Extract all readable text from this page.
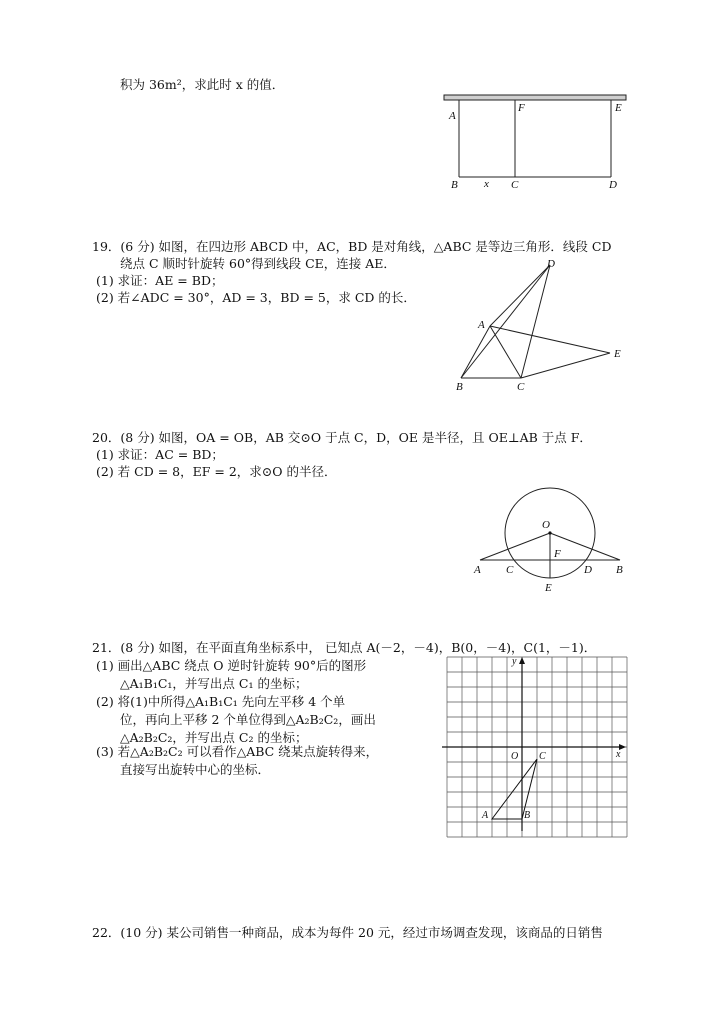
积为 36m²，求此时 x 的值．
A
F	E
B x C	D
19．(6 分) 如图，在四边形 ABCD 中，AC，BD 是对角线，△ABC 是等边三角形．线段 CD
绕点 C 顺时针旋转 60°得到线段 CE，连接 AE．
(1) 求证：AE = BD；
(2) 若∠ADC = 30°，AD = 3，BD = 5，求 CD 的长．
D
A
E
B	C
20．(8 分) 如图，OA = OB，AB 交⊙O 于点 C，D，OE 是半径，且 OE⊥AB 于点 F．
(1) 求证：AC = BD；
(2) 若 CD = 8，EF = 2，求⊙O 的半径．
O
F
A C	D B
E
21．(8 分) 如图，在平面直角坐标系中， 已知点 A(－2，－4)，B(0，－4)，C(1，－1)．
(1) 画出△ABC 绕点 O 逆时针旋转 90°后的图形
△A₁B₁C₁，并写出点 C₁ 的坐标；
(2) 将(1)中所得△A₁B₁C₁ 先向左平移 4 个单
位，再向上平移 2 个单位得到△A₂B₂C₂，画出
△A₂B₂C₂，并写出点 C₂ 的坐标；
(3) 若△A₂B₂C₂ 可以看作△ABC 绕某点旋转得来，
直接写出旋转中心的坐标．
y
x
O C
A	B
22．(10 分) 某公司销售一种商品，成本为每件 20 元，经过市场调查发现，该商品的日销售
